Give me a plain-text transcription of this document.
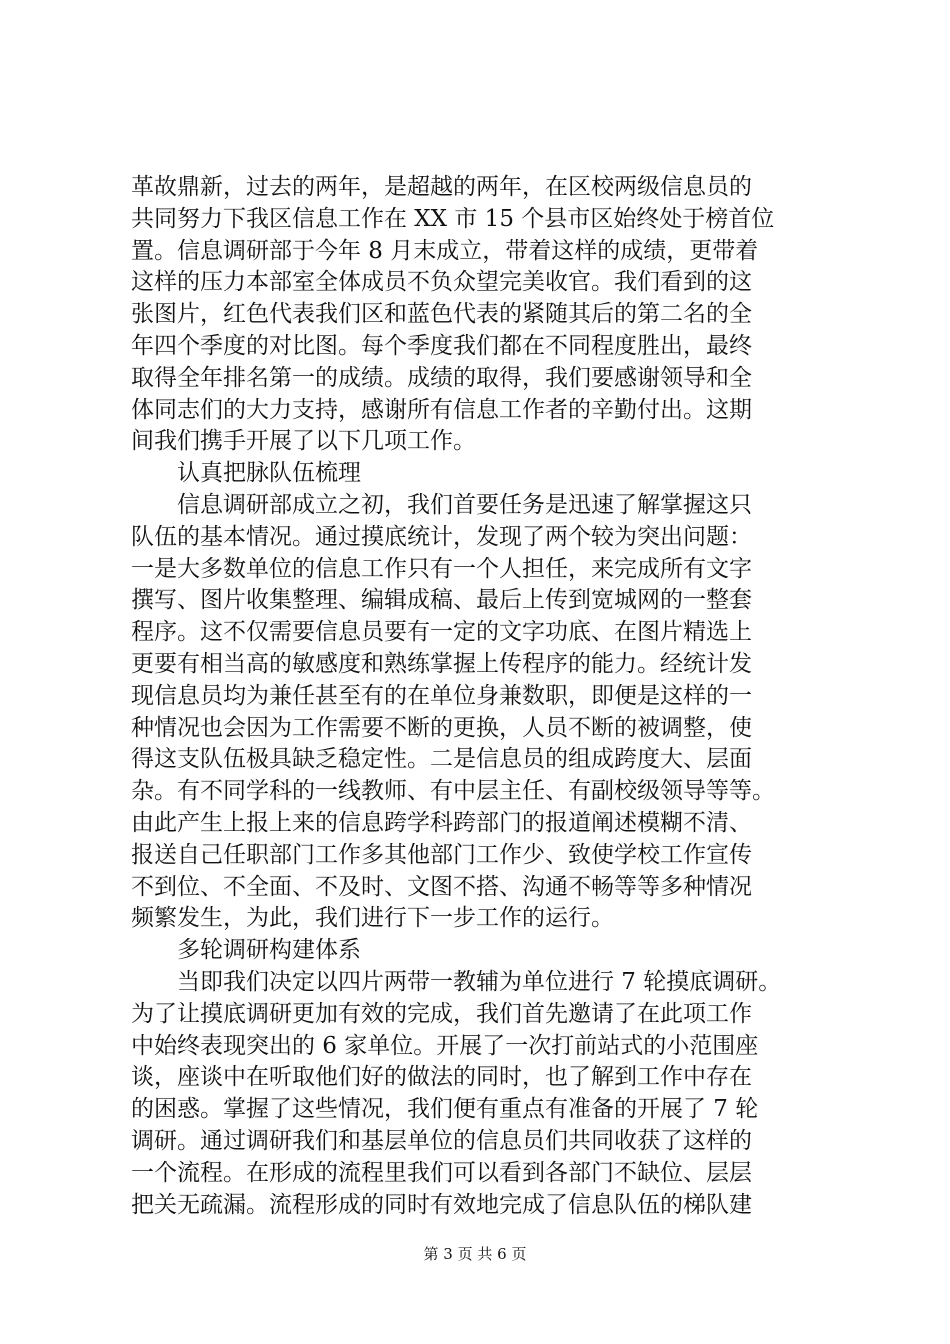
革故鼎新，过去的两年，是超越的两年，在区校两级信息员的
共同努力下我区信息工作在 XX 市 15 个县市区始终处于榜首位
置。信息调研部于今年 8 月末成立，带着这样的成绩，更带着
这样的压力本部室全体成员不负众望完美收官。我们看到的这
张图片，红色代表我们区和蓝色代表的紧随其后的第二名的全
年四个季度的对比图。每个季度我们都在不同程度胜出，最终
取得全年排名第一的成绩。成绩的取得，我们要感谢领导和全
体同志们的大力支持，感谢所有信息工作者的辛勤付出。这期
间我们携手开展了以下几项工作。
　　认真把脉队伍梳理
　　信息调研部成立之初，我们首要任务是迅速了解掌握这只
队伍的基本情况。通过摸底统计，发现了两个较为突出问题：
一是大多数单位的信息工作只有一个人担任，来完成所有文字
撰写、图片收集整理、编辑成稿、最后上传到宽城网的一整套
程序。这不仅需要信息员要有一定的文字功底、在图片精选上
更要有相当高的敏感度和熟练掌握上传程序的能力。经统计发
现信息员均为兼任甚至有的在单位身兼数职，即便是这样的一
种情况也会因为工作需要不断的更换，人员不断的被调整，使
得这支队伍极具缺乏稳定性。二是信息员的组成跨度大、层面
杂。有不同学科的一线教师、有中层主任、有副校级领导等等。
由此产生上报上来的信息跨学科跨部门的报道阐述模糊不清、
报送自己任职部门工作多其他部门工作少、致使学校工作宣传
不到位、不全面、不及时、文图不搭、沟通不畅等等多种情况
频繁发生，为此，我们进行下一步工作的运行。
　　多轮调研构建体系
　　当即我们决定以四片两带一教辅为单位进行 7 轮摸底调研。
为了让摸底调研更加有效的完成，我们首先邀请了在此项工作
中始终表现突出的 6 家单位。开展了一次打前站式的小范围座
谈，座谈中在听取他们好的做法的同时，也了解到工作中存在
的困惑。掌握了这些情况，我们便有重点有准备的开展了 7 轮
调研。通过调研我们和基层单位的信息员们共同收获了这样的
一个流程。在形成的流程里我们可以看到各部门不缺位、层层
把关无疏漏。流程形成的同时有效地完成了信息队伍的梯队建
第 3 页 共 6 页
